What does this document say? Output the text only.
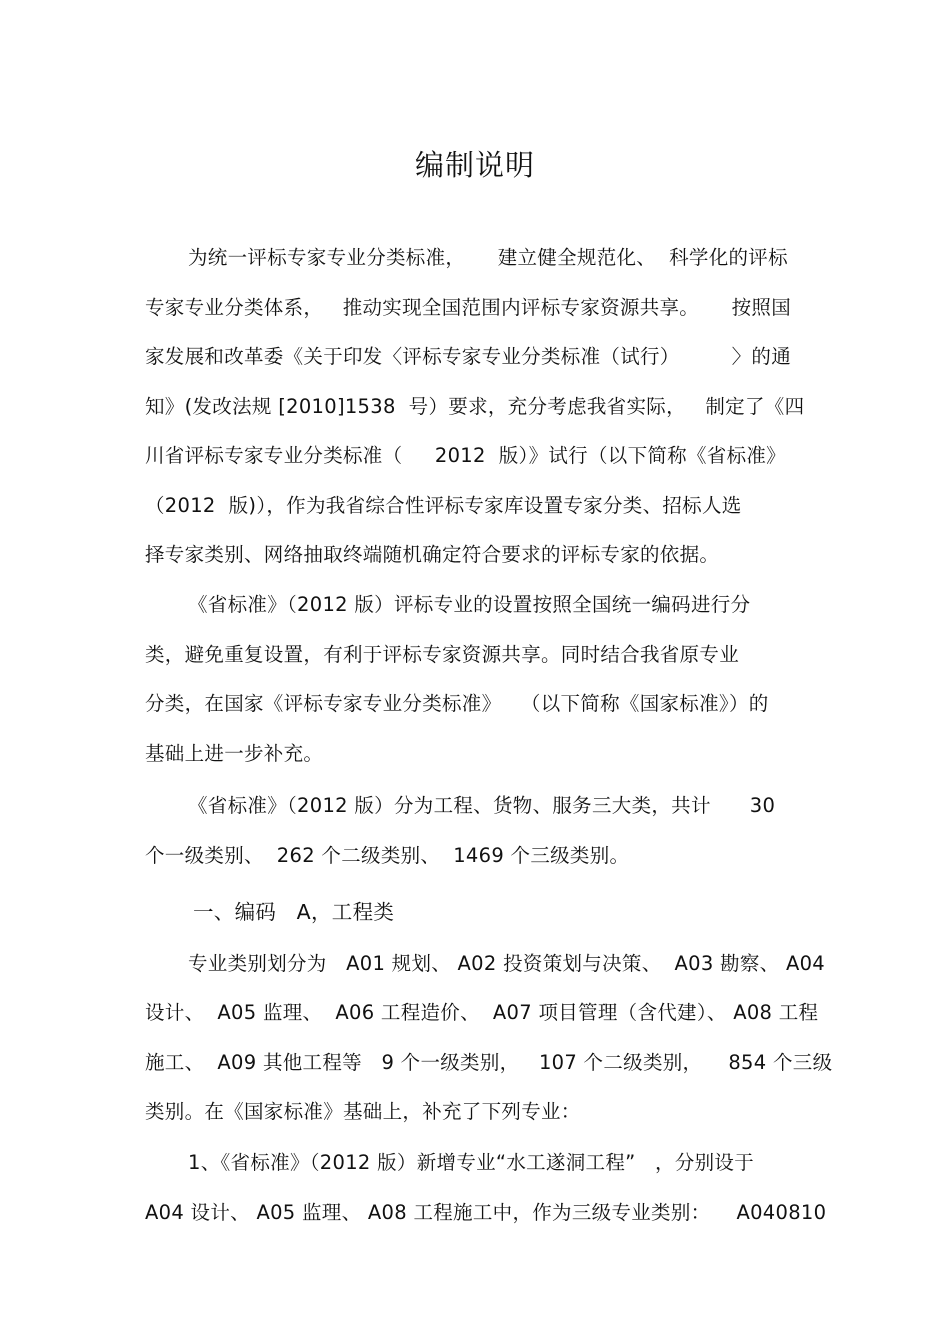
编制说明
为统一评标专家专业分类标准，     建立健全规范化、  科学化的评标
专家专业分类体系，   推动实现全国范围内评标专家资源共享。     按照国
家发展和改革委《关于印发〈评标专家专业分类标准（试行）        〉的通
知》(发改法规 [2010]1538  号）要求，充分考虑我省实际，   制定了《四
川省评标专家专业分类标准（     2012  版）》试行（以下简称《省标准》
（2012  版)），作为我省综合性评标专家库设置专家分类、招标人选
择专家类别、网络抽取终端随机确定符合要求的评标专家的依据。
《省标准》（2012 版）评标专业的设置按照全国统一编码进行分
类，避免重复设置，有利于评标专家资源共享。同时结合我省原专业
分类，在国家《评标专家专业分类标准》   （以下简称《国家标准》）的
基础上进一步补充。
《省标准》（2012 版）分为工程、货物、服务三大类，共计      30
个一级类别、  262 个二级类别、  1469 个三级类别。
一、编码   A，工程类
专业类别划分为   A01 规划、 A02 投资策划与决策、  A03 勘察、 A04
设计、  A05 监理、  A06 工程造价、  A07 项目管理（含代建）、 A08 工程
施工、  A09 其他工程等   9 个一级类别，   107 个二级类别，    854 个三级
类别。在《国家标准》基础上，补充了下列专业：
1、《省标准》（2012 版）新增专业“水工遂洞工程”   ，分别设于
A04 设计、 A05 监理、 A08 工程施工中，作为三级专业类别：    A040810
